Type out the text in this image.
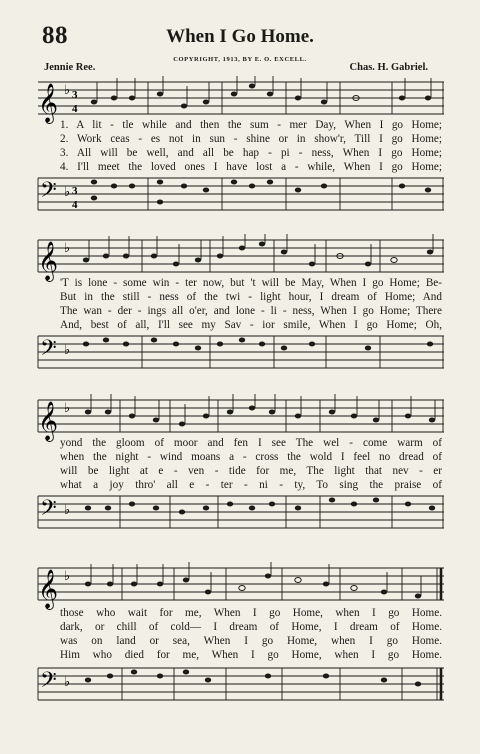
88	When I Go Home.
COPYRIGHT, 1913, BY E. O. EXCELL.
Jennie Ree.	Chas. H. Gabriel.
𝄞 ♭ 3
4
1. A lit - tle while and then the sum - mer Day, When I go Home;
2. Work ceas - es not in sun - shine or in show'r, Till I go Home;
3. All will be well, and all be hap - pi - ness, When I go Home;
4. I'll meet the loved ones I have lost a - while, When I go Home;
𝄢 ♭ 3
4
𝄞 ♭
'T is lone - some win - ter now, but 't will be May, When I go Home; Be-
But in the still - ness of the twi - light hour, I dream of Home; And
The wan - der - ings all o'er, and lone - li - ness, When I go Home; There
And, best of all, I'll see my Sav - ior smile, When I go Home; Oh,
𝄢 ♭
𝄞 ♭
yond the gloom of moor and fen I see The wel - come warm of
when the night - wind moans a - cross the wold I feel no dread of
will be light at e - ven - tide for me, The light that nev - er
what a joy thro' all e - ter - ni - ty, To sing the praise of
𝄢 ♭
𝄞 ♭
those who wait for me, When I go Home, when I go Home.
dark, or chill of cold— I dream of Home, I dream of Home.
was on land or sea, When I go Home, when I go Home.
Him who died for me, When I go Home, when I go Home.
𝄢 ♭
